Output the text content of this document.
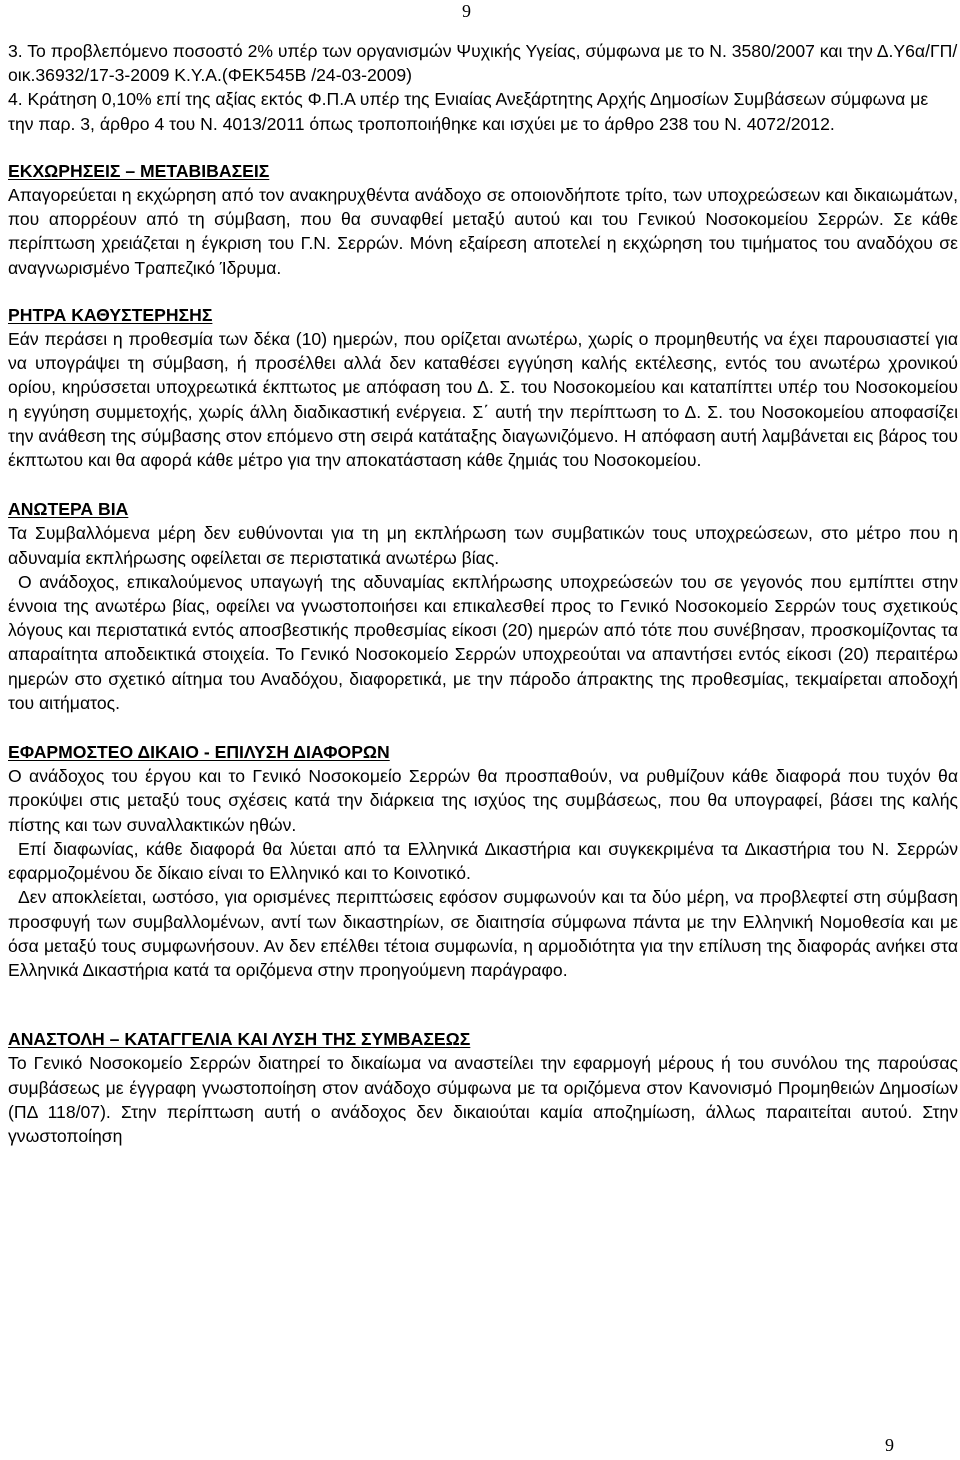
9

3. Το προβλεπόμενο ποσοστό 2% υπέρ των οργανισμών Ψυχικής Υγείας, σύμφωνα με το Ν. 3580/2007 και την Δ.Υ6α/ΓΠ/οικ.36932/17-3-2009 Κ.Υ.Α.(ΦΕΚ545Β /24-03-2009)

4. Κράτηση 0,10% επί της αξίας εκτός Φ.Π.Α υπέρ της Ενιαίας Ανεξάρτητης Αρχής Δημοσίων Συμβάσεων σύμφωνα με την παρ. 3, άρθρο 4 του Ν. 4013/2011 όπως τροποποιήθηκε και ισχύει με το άρθρο 238 του Ν. 4072/2012.

ΕΚΧΩΡΗΣΕΙΣ – ΜΕΤΑΒΙΒΑΣΕΙΣ

Απαγορεύεται η εκχώρηση από τον ανακηρυχθέντα ανάδοχο σε οποιονδήποτε τρίτο, των υποχρεώσεων και δικαιωμάτων, που απορρέουν από τη σύμβαση, που θα συναφθεί μεταξύ αυτού και του Γενικού Νοσοκομείου Σερρών. Σε κάθε περίπτωση χρειάζεται η έγκριση του Γ.Ν. Σερρών. Μόνη εξαίρεση αποτελεί η εκχώρηση του τιμήματος του αναδόχου σε αναγνωρισμένο Τραπεζικό Ίδρυμα.

ΡΗΤΡΑ ΚΑΘΥΣΤΕΡΗΣΗΣ

Εάν περάσει η προθεσμία των δέκα (10) ημερών, που ορίζεται ανωτέρω, χωρίς ο προμηθευτής να έχει παρουσιαστεί για να υπογράψει τη σύμβαση, ή προσέλθει αλλά δεν καταθέσει εγγύηση καλής εκτέλεσης, εντός του ανωτέρω χρονικού ορίου, κηρύσσεται υποχρεωτικά έκπτωτος με απόφαση του Δ. Σ. του Νοσοκομείου και καταπίπτει υπέρ του Νοσοκομείου η εγγύηση συμμετοχής, χωρίς άλλη διαδικαστική ενέργεια. Σ΄ αυτή την περίπτωση το Δ. Σ. του Νοσοκομείου αποφασίζει την ανάθεση της σύμβασης στον επόμενο στη σειρά κατάταξης διαγωνιζόμενο. Η απόφαση αυτή λαμβάνεται εις βάρος του έκπτωτου και θα αφορά κάθε μέτρο για την αποκατάσταση κάθε ζημιάς του Νοσοκομείου.

ΑΝΩΤΕΡΑ ΒΙΑ

Τα Συμβαλλόμενα μέρη δεν ευθύνονται για τη μη εκπλήρωση των συμβατικών τους υποχρεώσεων, στο μέτρο που η αδυναμία εκπλήρωσης οφείλεται σε περιστατικά ανωτέρω βίας.

Ο ανάδοχος, επικαλούμενος υπαγωγή της αδυναμίας εκπλήρωσης υποχρεώσεών του σε γεγονός που εμπίπτει στην έννοια της ανωτέρω βίας, οφείλει να γνωστοποιήσει και επικαλεσθεί προς το Γενικό Νοσοκομείο Σερρών τους σχετικούς λόγους και περιστατικά εντός αποσβεστικής προθεσμίας είκοσι (20) ημερών από τότε που συνέβησαν, προσκομίζοντας τα απαραίτητα αποδεικτικά στοιχεία. Το Γενικό Νοσοκομείο Σερρών υποχρεούται να απαντήσει εντός είκοσι (20) περαιτέρω ημερών στο σχετικό αίτημα του Αναδόχου, διαφορετικά, με την πάροδο άπρακτης της προθεσμίας, τεκμαίρεται αποδοχή του αιτήματος.

ΕΦΑΡΜΟΣΤΕΟ ΔΙΚΑΙΟ - ΕΠΙΛΥΣΗ ΔΙΑΦΟΡΩΝ

Ο ανάδοχος του έργου και το Γενικό Νοσοκομείο Σερρών θα προσπαθούν, να ρυθμίζουν κάθε διαφορά που τυχόν θα προκύψει στις μεταξύ τους σχέσεις κατά την διάρκεια της ισχύος της συμβάσεως, που θα υπογραφεί, βάσει της καλής πίστης και των συναλλακτικών ηθών.

Επί διαφωνίας, κάθε διαφορά θα λύεται από τα Ελληνικά Δικαστήρια και συγκεκριμένα τα Δικαστήρια του Ν. Σερρών εφαρμοζομένου δε δίκαιο είναι το Ελληνικό και το Κοινοτικό.

Δεν αποκλείεται, ωστόσο, για ορισμένες περιπτώσεις εφόσον συμφωνούν και τα δύο μέρη, να προβλεφτεί στη σύμβαση προσφυγή των συμβαλλομένων, αντί των δικαστηρίων, σε διαιτησία σύμφωνα πάντα με την Ελληνική Νομοθεσία και με όσα μεταξύ τους συμφωνήσουν. Αν δεν επέλθει τέτοια συμφωνία, η αρμοδιότητα για την επίλυση της διαφοράς ανήκει στα Ελληνικά Δικαστήρια κατά τα οριζόμενα στην προηγούμενη παράγραφο.

ΑΝΑΣΤΟΛΗ – ΚΑΤΑΓΓΕΛΙΑ ΚΑΙ ΛΥΣΗ ΤΗΣ ΣΥΜΒΑΣΕΩΣ

Το Γενικό Νοσοκομείο Σερρών διατηρεί το δικαίωμα να αναστείλει την εφαρμογή μέρους ή του συνόλου της παρούσας συμβάσεως με έγγραφη γνωστοποίηση στον ανάδοχο σύμφωνα με τα οριζόμενα στον Κανονισμό Προμηθειών Δημοσίων (ΠΔ 118/07). Στην περίπτωση αυτή ο ανάδοχος δεν δικαιούται καμία αποζημίωση, άλλως παραιτείται αυτού. Στην γνωστοποίηση

9
